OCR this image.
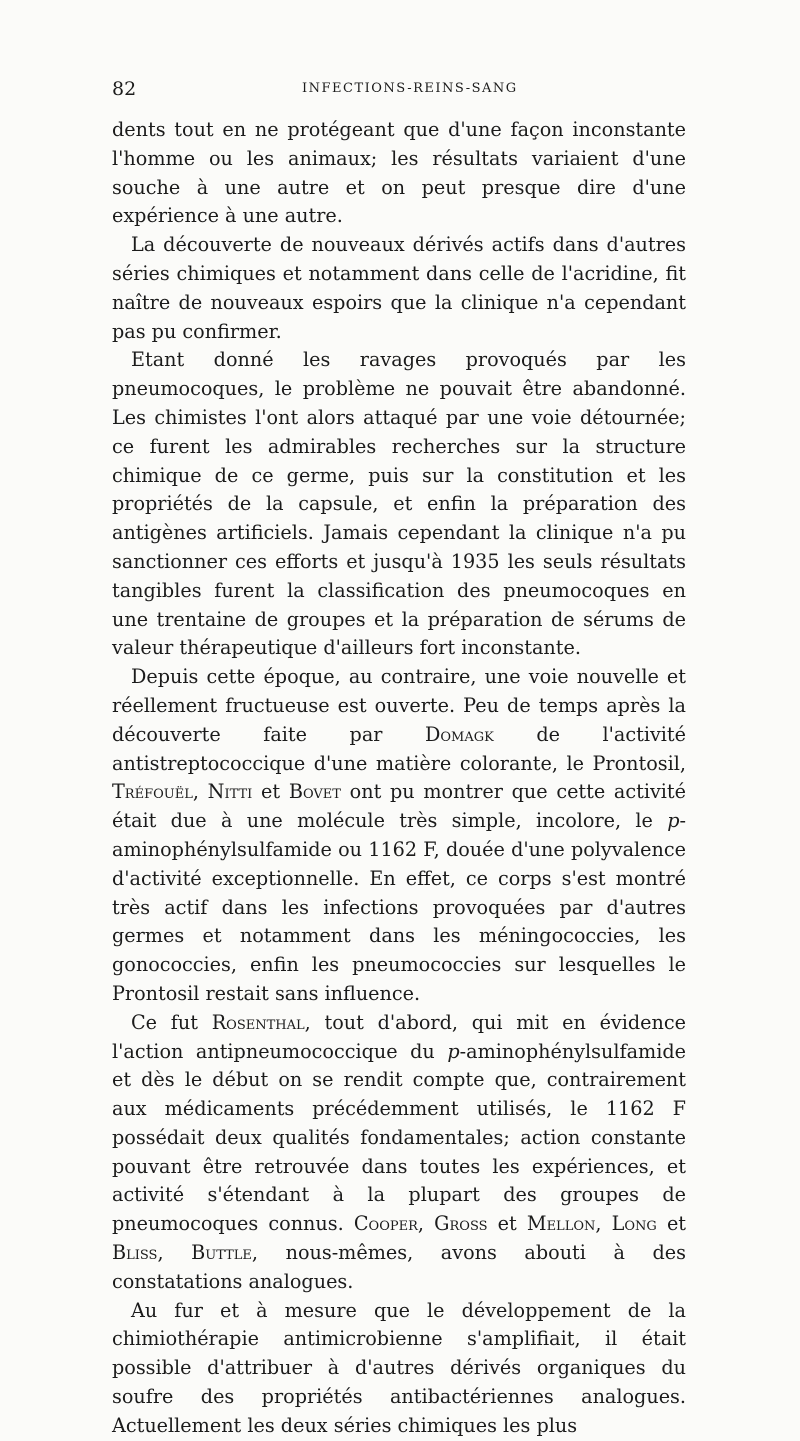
82	INFECTIONS-REINS-SANG

dents tout en ne protégeant que d'une façon inconstante l'homme ou les animaux; les résultats variaient d'une souche à une autre et on peut presque dire d'une expérience à une autre.

La découverte de nouveaux dérivés actifs dans d'autres séries chimiques et notamment dans celle de l'acridine, fit naître de nouveaux espoirs que la clinique n'a cependant pas pu confirmer.

Etant donné les ravages provoqués par les pneumocoques, le problème ne pouvait être abandonné. Les chimistes l'ont alors attaqué par une voie détournée; ce furent les admirables recherches sur la structure chimique de ce germe, puis sur la constitution et les propriétés de la capsule, et enfin la préparation des antigènes artificiels. Jamais cependant la clinique n'a pu sanctionner ces efforts et jusqu'à 1935 les seuls résultats tangibles furent la classification des pneumocoques en une trentaine de groupes et la préparation de sérums de valeur thérapeutique d'ailleurs fort inconstante.

Depuis cette époque, au contraire, une voie nouvelle et réellement fructueuse est ouverte. Peu de temps après la découverte faite par Domagk de l'activité antistreptococcique d'une matière colorante, le Prontosil, Tréfouël, Nitti et Bovet ont pu montrer que cette activité était due à une molécule très simple, incolore, le p-aminophénylsulfamide ou 1162 F, douée d'une polyvalence d'activité exceptionnelle. En effet, ce corps s'est montré très actif dans les infections provoquées par d'autres germes et notamment dans les méningococcies, les gonococcies, enfin les pneumococcies sur lesquelles le Prontosil restait sans influence.

Ce fut Rosenthal, tout d'abord, qui mit en évidence l'action antipneumococcique du p-aminophénylsulfamide et dès le début on se rendit compte que, contrairement aux médicaments précédemment utilisés, le 1162 F possédait deux qualités fondamentales; action constante pouvant être retrouvée dans toutes les expériences, et activité s'étendant à la plupart des groupes de pneumocoques connus. Cooper, Gross et Mellon, Long et Bliss, Buttle, nous-mêmes, avons abouti à des constatations analogues.

Au fur et à mesure que le développement de la chimiothérapie antimicrobienne s'amplifiait, il était possible d'attribuer à d'autres dérivés organiques du soufre des propriétés antibactériennes analogues. Actuellement les deux séries chimiques les plus
